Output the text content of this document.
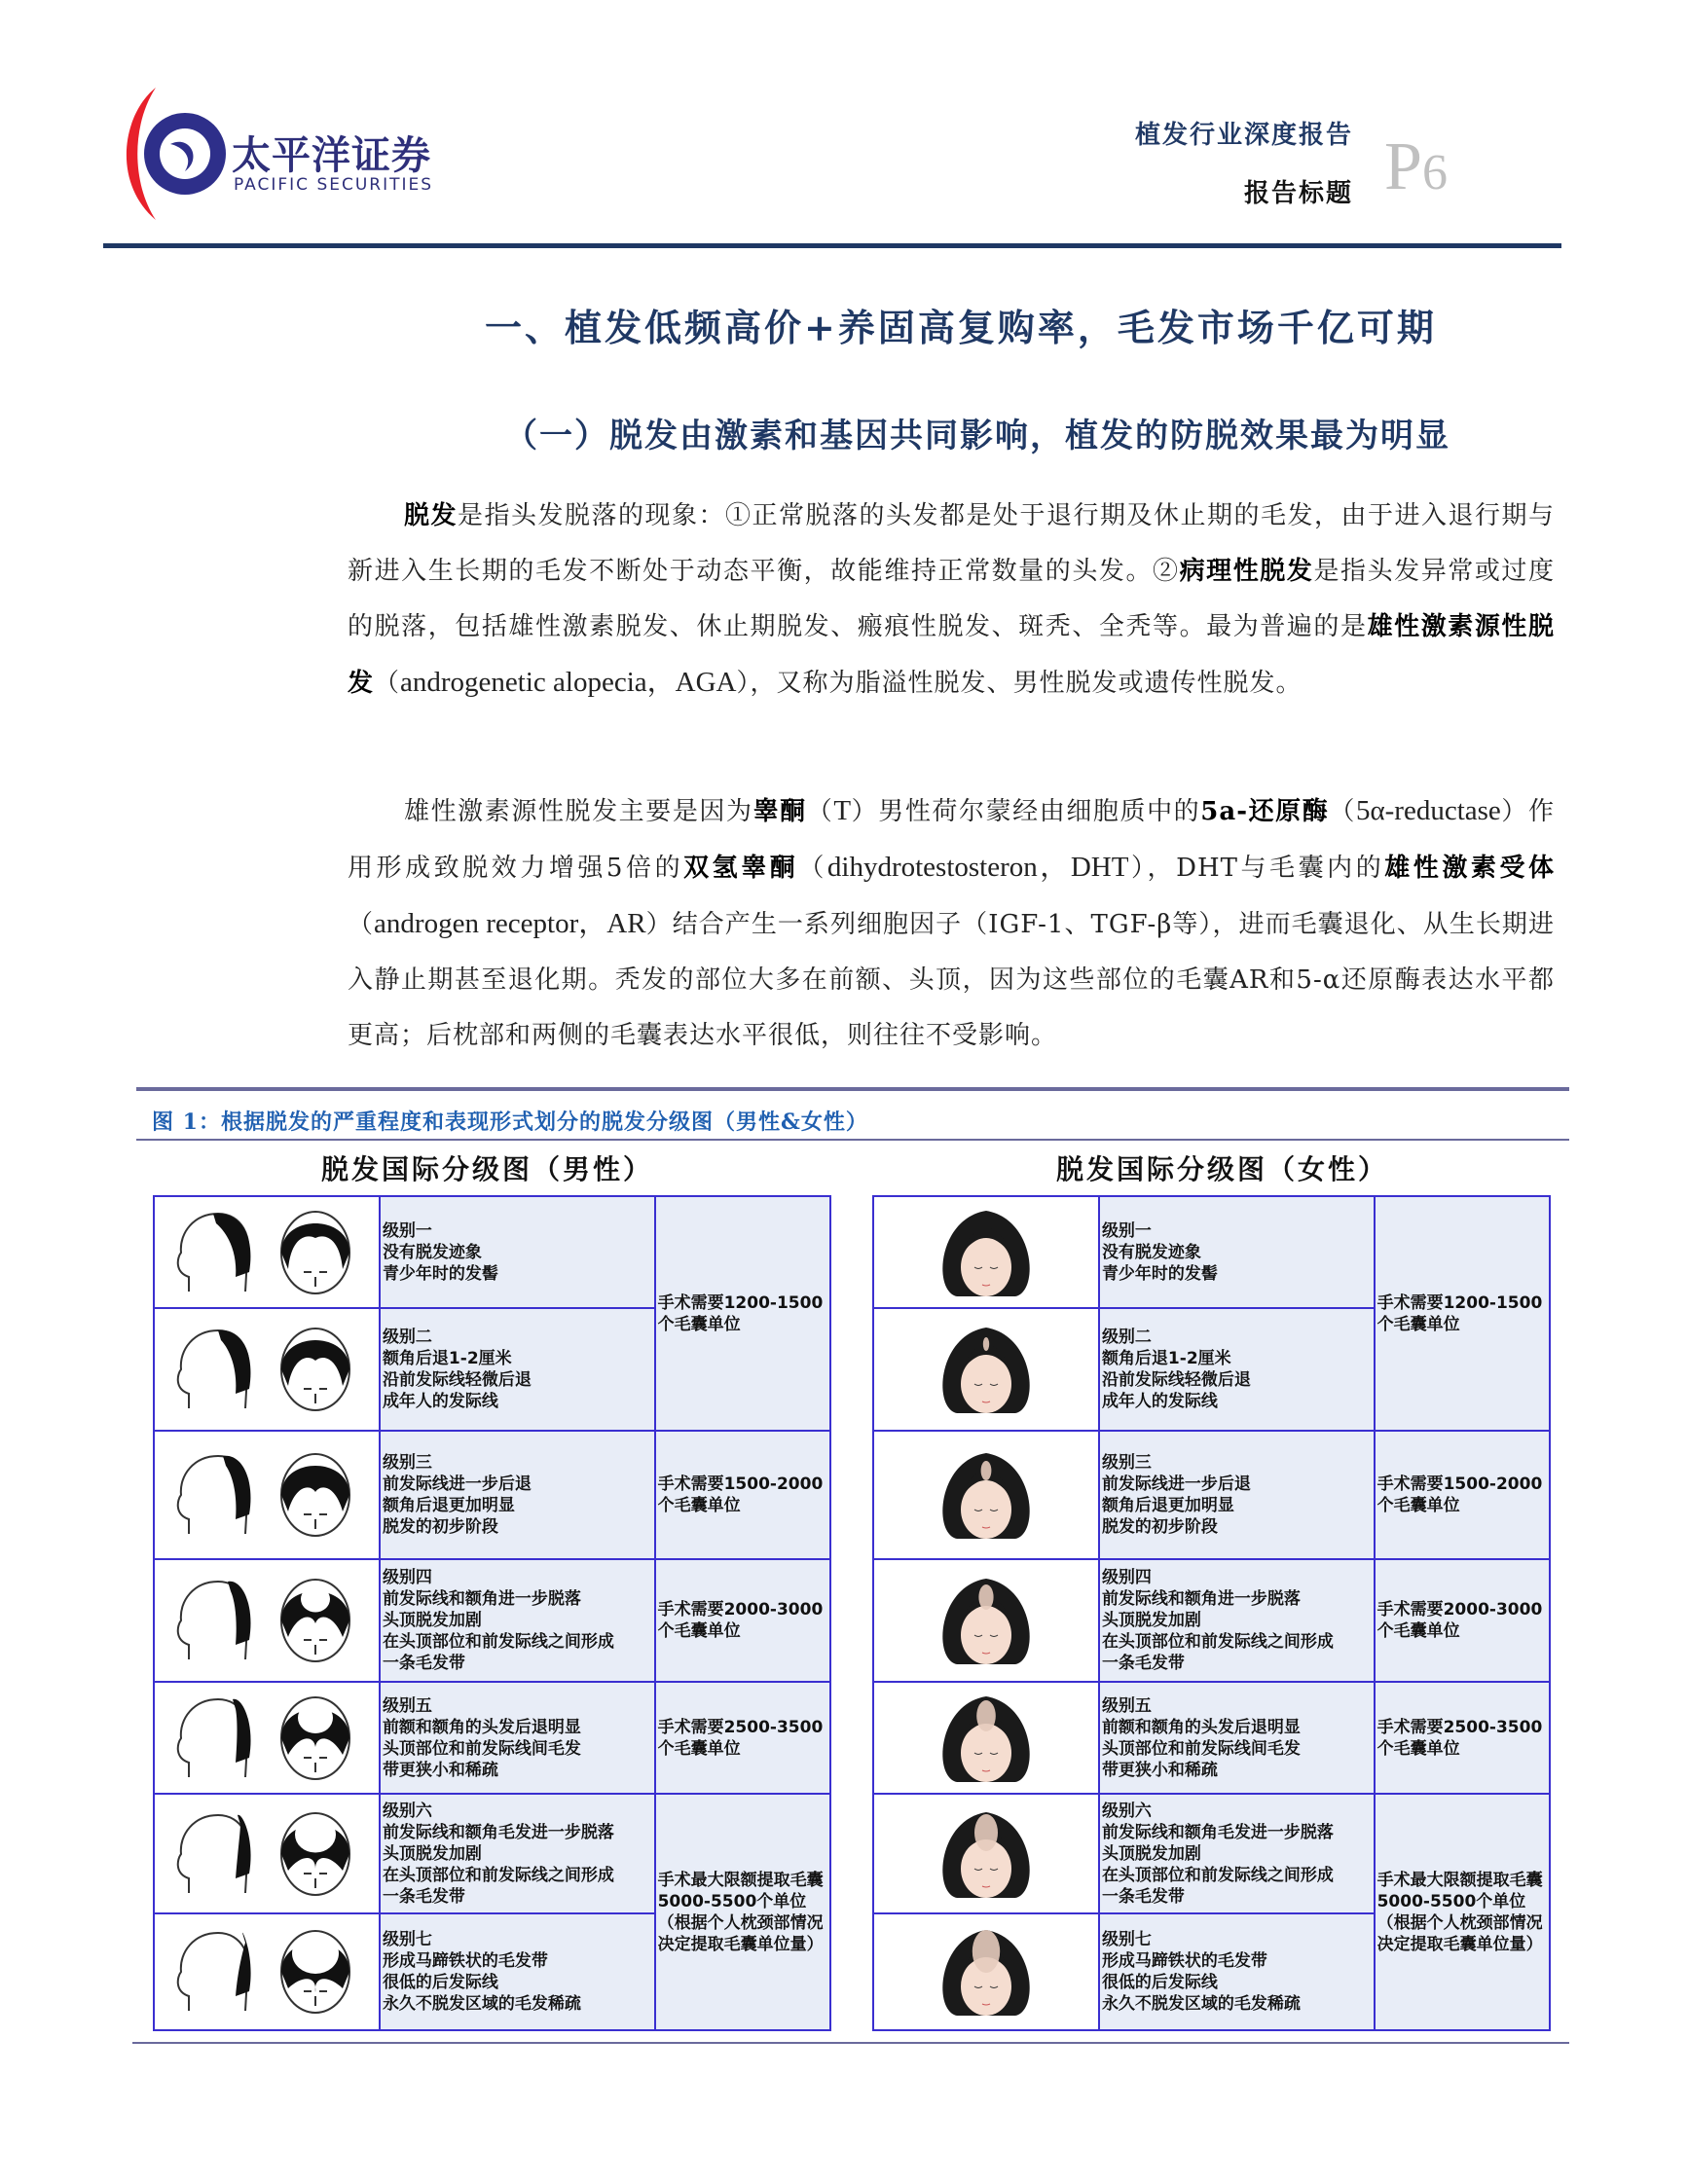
太平洋证券
PACIFIC SECURITIES
植发行业深度报告
报告标题 P6
一、植发低频高价+养固高复购率，毛发市场千亿可期
（一）脱发由激素和基因共同影响，植发的防脱效果最为明显

脱发是指头发脱落的现象：①正常脱落的头发都是处于退行期及休止期的毛发，由于进入退行期与新进入生长期的毛发不断处于动态平衡，故能维持正常数量的头发。②病理性脱发是指头发异常或过度的脱落，包括雄性激素脱发、休止期脱发、瘢痕性脱发、斑秃、全秃等。最为普遍的是雄性激素源性脱发（androgenetic alopecia，AGA），又称为脂溢性脱发、男性脱发或遗传性脱发。

雄性激素源性脱发主要是因为睾酮（T）男性荷尔蒙经由细胞质中的5a-还原酶（5α-reductase）作用形成致脱效力增强5倍的双氢睾酮（dihydrotestosteron，DHT），DHT与毛囊内的雄性激素受体（androgen receptor，AR）结合产生一系列细胞因子（IGF-1、TGF-β等），进而毛囊退化、从生长期进入静止期甚至退化期。秃发的部位大多在前额、头顶，因为这些部位的毛囊AR和5-α还原酶表达水平都更高；后枕部和两侧的毛囊表达水平很低，则往往不受影响。

图 1：根据脱发的严重程度和表现形式划分的脱发分级图（男性&女性）
脱发国际分级图（男性）	脱发国际分级图（女性）

级别一
没有脱发迹象
青少年时的发髻	手术需要1200-1500个毛囊单位

级别二
额角后退1-2厘米
沿前发际线轻微后退
成年人的发际线	

级别三
前发际线进一步后退
额角后退更加明显
脱发的初步阶段	手术需要1500-2000个毛囊单位

级别四
前发际线和额角进一步脱落
头顶脱发加剧
在头顶部位和前发际线之间形成
一条毛发带	手术需要2000-3000个毛囊单位

级别五
前额和额角的头发后退明显
头顶部位和前发际线间毛发
带更狭小和稀疏	手术需要2500-3500个毛囊单位

级别六
前发际线和额角毛发进一步脱落
头顶脱发加剧
在头顶部位和前发际线之间形成
一条毛发带	手术最大限额提取毛囊5000-5500个单位（根据个人枕颈部情况决定提取毛囊单位量）

级别七
形成马蹄铁状的毛发带
很低的后发际线
永久不脱发区域的毛发稀疏	

级别一
没有脱发迹象
青少年时的发髻	手术需要1200-1500个毛囊单位

级别二
额角后退1-2厘米
沿前发际线轻微后退
成年人的发际线	

级别三
前发际线进一步后退
额角后退更加明显
脱发的初步阶段	手术需要1500-2000个毛囊单位

级别四
前发际线和额角进一步脱落
头顶脱发加剧
在头顶部位和前发际线之间形成
一条毛发带	手术需要2000-3000个毛囊单位

级别五
前额和额角的头发后退明显
头顶部位和前发际线间毛发
带更狭小和稀疏	手术需要2500-3500个毛囊单位

级别六
前发际线和额角毛发进一步脱落
头顶脱发加剧
在头顶部位和前发际线之间形成
一条毛发带	手术最大限额提取毛囊5000-5500个单位（根据个人枕颈部情况决定提取毛囊单位量）

级别七
形成马蹄铁状的毛发带
很低的后发际线
永久不脱发区域的毛发稀疏	
